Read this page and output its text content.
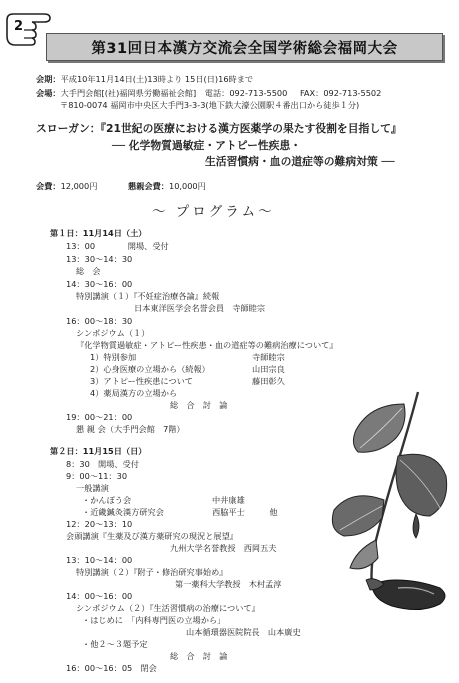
2
第31回日本漢方交流会全国学術総会福岡大会
会期：平成10年11月14日(土)13時より 15日(日)16時まで
会場：大手門会館[(社)福岡県労働福祉会館] 電話：092-713-5500 FAX：092-713-5502
〒810-0074 福岡市中央区大手門3-3-3(地下鉄大濠公園駅４番出口から徒歩１分)
スローガン：『21世紀の医療における漢方医薬学の果たす役割を目指して』
── 化学物質過敏症・アトピー性疾患・
生活習慣病・血の道症等の難病対策 ──
会費：12,000円	懇親会費：10,000円
〜 プログラム〜
第１日：11月14日（土）
13：00　　　　開場、受付
13：30〜14：30
総　会
14：30〜16：00
特別講演（１）『不妊症治療各論』続報
日本東洋医学会名誉会員　寺師睦宗
16：00〜18：30
シンポジウム（１）
『化学物質過敏症・アトピー性疾患・血の道症等の難病治療について』
1）特別参加	寺師睦宗
2）心身医療の立場から（続報）	山田宗良
3）アトピー性疾患について	藤田彰久
4）薬局漢方の立場から
総　合　討　論
19：00〜21：00
懇 親 会（大手門会館　7階）
第２日：11月15日（日）
8：30　開場、受付
9：00〜11：30
一般講演
・かんぽう会	中井康雄
・近畿鍼灸漢方研究会	西脇平士　　　他
12：20〜13：10
会頭講演『生薬及び漢方薬研究の現況と展望』
九州大学名誉教授　西岡五夫
13：10〜14：00
特別講演（２）『附子・修治研究事始め』
第一薬科大学教授　木村孟淳
14：00〜16：00
シンポジウム（２）『生活習慣病の治療について』
・はじめに　「内科専門医の立場から」
山本循環器医院院長　山本廣史
・他２〜３題予定
総　合　討　論
16：00〜16：05　閉会
